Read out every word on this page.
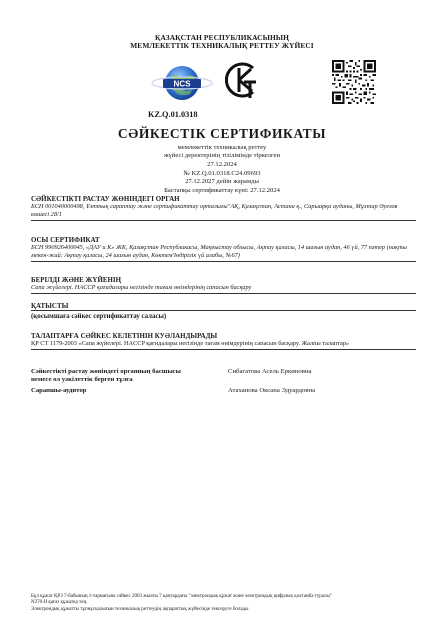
ҚАЗАҚСТАН РЕСПУБЛИКАСЫНЫҢ
МЕМЛЕКЕТТІК ТЕХНИКАЛЫҚ РЕТТЕУ ЖҮЙЕСІ
NCS
KZ.Q.01.0318
СӘЙКЕСТІК СЕРТИФИКАТЫ
мемлекеттік техникалық реттеу
жүйесі деректерінің тізілімінде тіркелген
27.12.2024
№ KZ.Q.01.0318.С24.09693
27.12.2027 дейін жарамды
Бастапқы сертификаттау күні: 27.12.2024
СӘЙКЕСТІКТІ РАСТАУ ЖӨНІНДЕГІ ОРГАН
БСН 001040000498, Ұлттық сараптау және сертификаттау орталығы"АҚ, Қазақстан, Астана қ., Сарыарқа ауданы, Мұхтар Әуезов көшесі 28/1
ОСЫ СЕРТИФИКАТ
БСН 990926400045, «ДАУ и К» ЖК, Қазақстан Республикасы, Маңғыстау облысы, Ақтау қаласы, 14 шағын аудан, 46 үй, 77 пәтер (нақты мекен-жай: Ақтау қаласы, 24 шағын аудан, Көктем'Індірілік үй алабы, №67)
БЕРІЛДІ ЖӘНЕ ЖҮЙЕНІҢ
Сапа жүйелері. HACCP қағидалары негізінде тағам өнімдерінің сапасын басқару
ҚАТЫСТЫ
(қосымшаға сәйкес сертификаттау саласы)
ТАЛАПТАРҒА СӘЙКЕС КЕЛЕТІНІН КУӘЛАНДЫРАДЫ
ҚР СТ 1179-2003 «Сапа жүйелері. HACCP қағидалары негізінде тағам өнімдерінің сапасын басқару. Жалпы талаптар»
Сәйкестікті растау жөніндегі органның басшысы немесе ол уәкілеттік берген тұлға
Сибагатова Асель Еркиновна
Сарапшы-аудитор	Атаханова Оксана Эдуардовна
Бұл құжат ҚРЗ 7-бабының 1-тармағына сәйкес 2003 жылғы 7 қаңтардағы "электрондық құжат және электрондық цифрлық қолтаңба туралы"
N370-II қағаз құжатқа тең.
Электрондық құжатты тұпнұсқалығын техникалық реттеудің ақпараттық жүйесінде тексеруге болады
